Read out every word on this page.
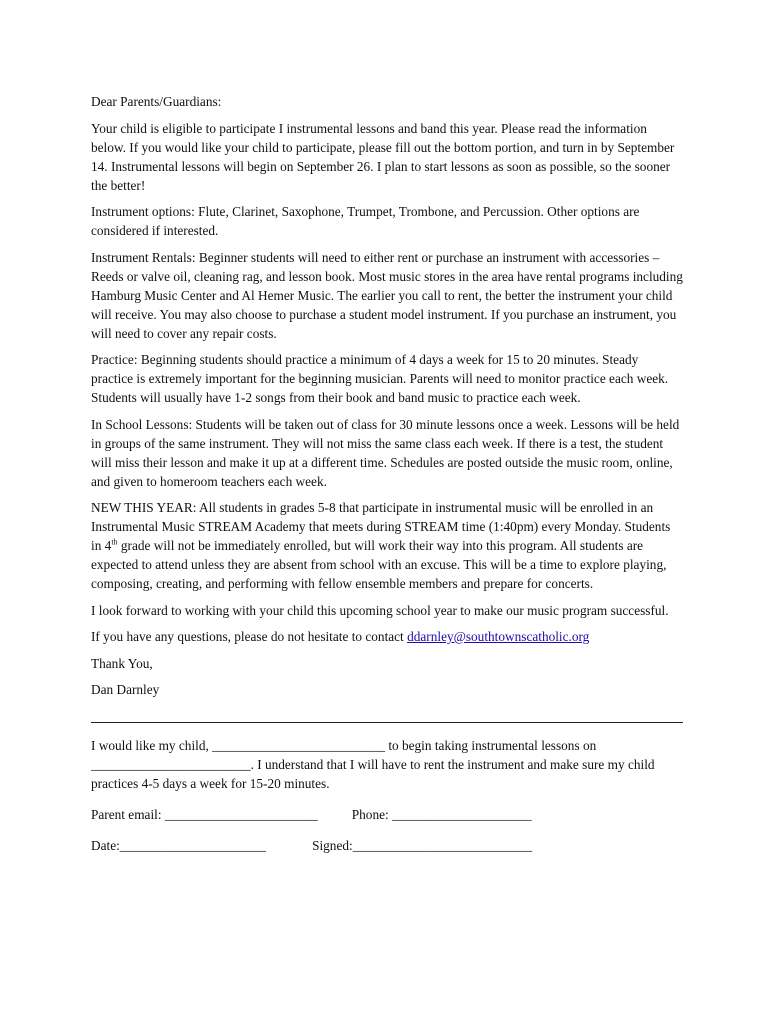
Dear Parents/Guardians:

Your child is eligible to participate I instrumental lessons and band this year. Please read the information below. If you would like your child to participate, please fill out the bottom portion, and turn in by September 14. Instrumental lessons will begin on September 26. I plan to start lessons as soon as possible, so the sooner the better!

Instrument options: Flute, Clarinet, Saxophone, Trumpet, Trombone, and Percussion. Other options are considered if interested.

Instrument Rentals: Beginner students will need to either rent or purchase an instrument with accessories – Reeds or valve oil, cleaning rag, and lesson book. Most music stores in the area have rental programs including Hamburg Music Center and Al Hemer Music. The earlier you call to rent, the better the instrument your child will receive. You may also choose to purchase a student model instrument. If you purchase an instrument, you will need to cover any repair costs.

Practice: Beginning students should practice a minimum of 4 days a week for 15 to 20 minutes. Steady practice is extremely important for the beginning musician. Parents will need to monitor practice each week. Students will usually have 1-2 songs from their book and band music to practice each week.

In School Lessons: Students will be taken out of class for 30 minute lessons once a week. Lessons will be held in groups of the same instrument. They will not miss the same class each week. If there is a test, the student will miss their lesson and make it up at a different time. Schedules are posted outside the music room, online, and given to homeroom teachers each week.

NEW THIS YEAR: All students in grades 5-8 that participate in instrumental music will be enrolled in an Instrumental Music STREAM Academy that meets during STREAM time (1:40pm) every Monday. Students in 4th grade will not be immediately enrolled, but will work their way into this program. All students are expected to attend unless they are absent from school with an excuse. This will be a time to explore playing, composing, creating, and performing with fellow ensemble members and prepare for concerts.

I look forward to working with your child this upcoming school year to make our music program successful.

If you have any questions, please do not hesitate to contact ddarnley@southtownscatholic.org

Thank You,

Dan Darnley

I would like my child, __________________________ to begin taking instrumental lessons on ________________________. I understand that I will have to rent the instrument and make sure my child practices 4-5 days a week for 15-20 minutes.

Parent email: _______________________	Phone: _____________________

Date:______________________	Signed:___________________________
